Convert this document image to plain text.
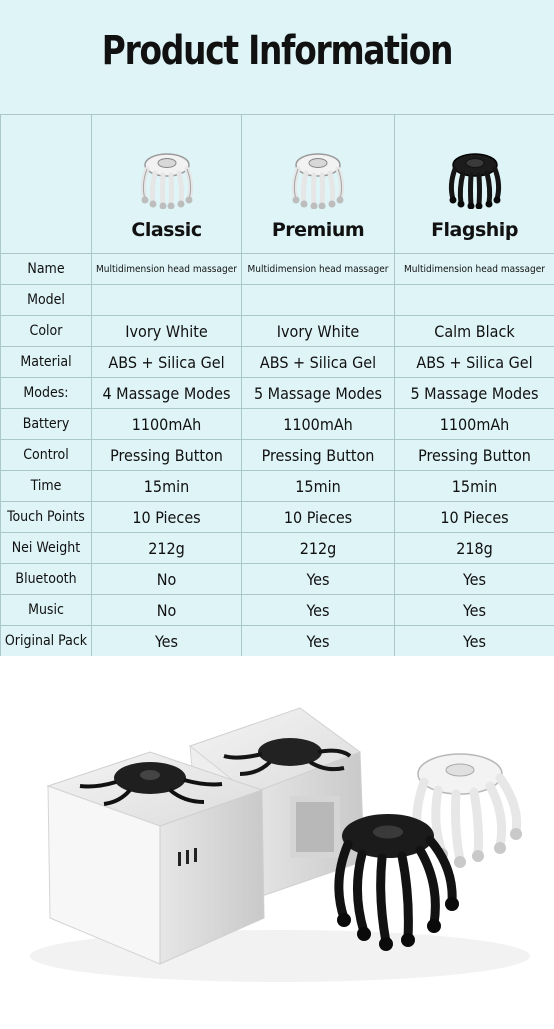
Product Information

	Classic	Premium	Flagship

Name	Multidimension head massager	Multidimension head massager	Multidimension head massager
Model			
Color	Ivory White	Ivory White	Calm Black
Material	ABS + Silica Gel	ABS + Silica Gel	ABS + Silica Gel
Modes:	4 Massage Modes	5 Massage Modes	5 Massage Modes
Battery	1100mAh	1100mAh	1100mAh
Control	Pressing Button	Pressing Button	Pressing Button
Time	15min	15min	15min
Touch Points	10 Pieces	10 Pieces	10 Pieces
Nei Weight	212g	212g	218g
Bluetooth	No	Yes	Yes
Music	No	Yes	Yes
Original Pack	Yes	Yes	Yes
